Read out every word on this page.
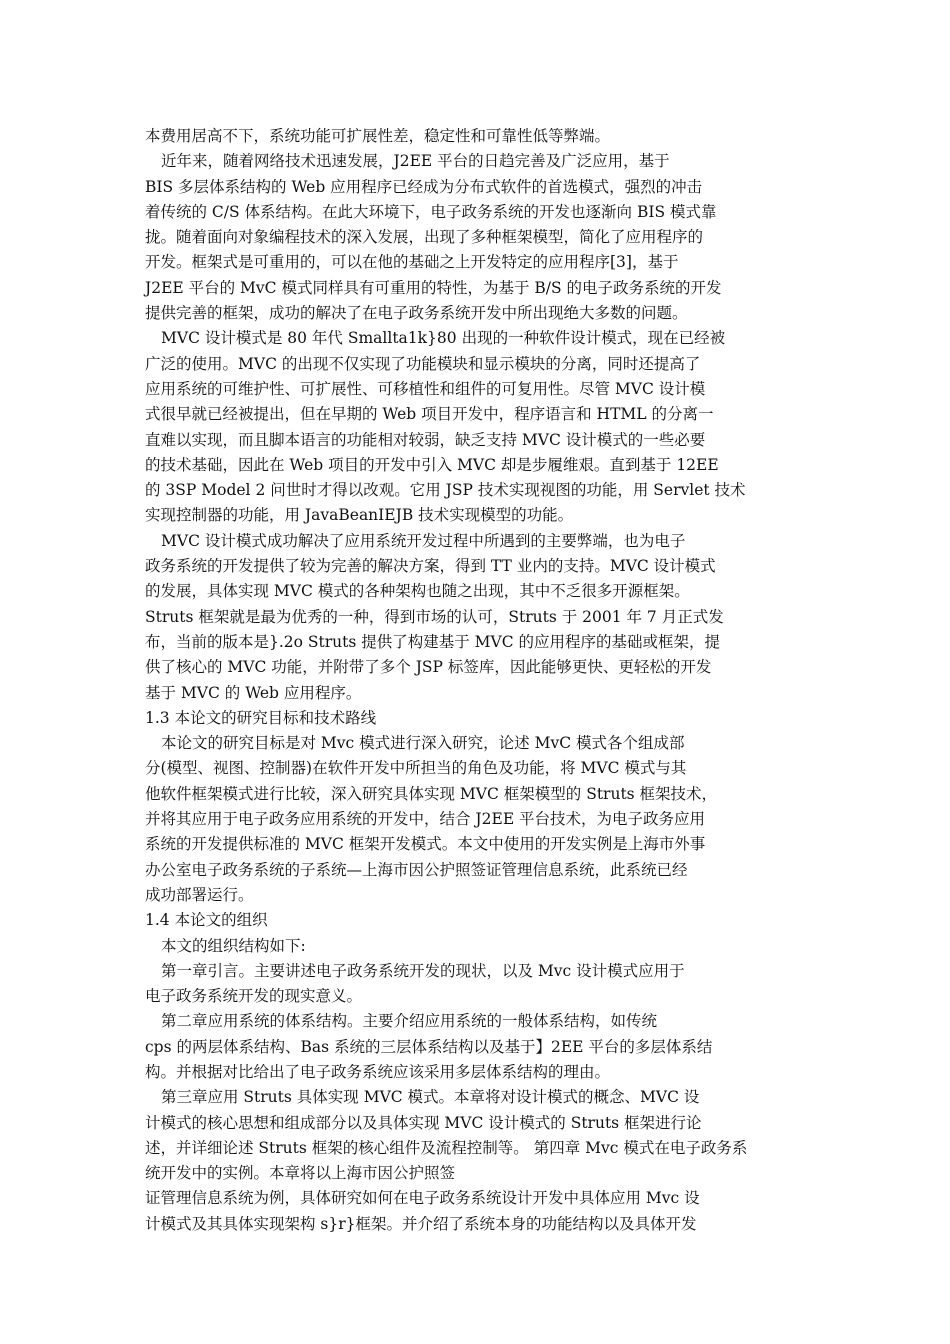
本费用居高不下，系统功能可扩展性差，稳定性和可靠性低等弊端。
近年来，随着网络技术迅速发展，J2EE 平台的日趋完善及广泛应用，基于
BIS 多层体系结构的 Web 应用程序已经成为分布式软件的首选模式，强烈的冲击
着传统的 C/S 体系结构。在此大环境下，电子政务系统的开发也逐渐向 BIS 模式靠
拢。随着面向对象编程技术的深入发展，出现了多种框架模型，简化了应用程序的
开发。框架式是可重用的，可以在他的基础之上开发特定的应用程序[3]，基于
J2EE 平台的 MvC 模式同样具有可重用的特性，为基于 B/S 的电子政务系统的开发
提供完善的框架，成功的解决了在电子政务系统开发中所出现绝大多数的问题。
MVC 设计模式是 80 年代 Smallta1k}80 出现的一种软件设计模式，现在已经被
广泛的使用。MVC 的出现不仅实现了功能模块和显示模块的分离，同时还提高了
应用系统的可维护性、可扩展性、可移植性和组件的可复用性。尽管 MVC 设计模
式很早就已经被提出，但在早期的 Web 项目开发中，程序语言和 HTML 的分离一
直难以实现，而且脚本语言的功能相对较弱，缺乏支持 MVC 设计模式的一些必要
的技术基础，因此在 Web 项目的开发中引入 MVC 却是步履维艰。直到基于 12EE
的 3SP Model 2 问世时才得以改观。它用 JSP 技术实现视图的功能，用 Servlet 技术
实现控制器的功能，用 JavaBeanIEJB 技术实现模型的功能。
MVC 设计模式成功解决了应用系统开发过程中所遇到的主要弊端，也为电子
政务系统的开发提供了较为完善的解决方案，得到 TT 业内的支持。MVC 设计模式
的发展，具体实现 MVC 模式的各种架构也随之出现，其中不乏很多开源框架。
Struts 框架就是最为优秀的一种，得到市场的认可，Struts 于 2001 年 7 月正式发
布，当前的版本是}.2o Struts 提供了构建基于 MVC 的应用程序的基础或框架，提
供了核心的 MVC 功能，并附带了多个 JSP 标签库，因此能够更快、更轻松的开发
基于 MVC 的 Web 应用程序。
1.3 本论文的研究目标和技术路线
本论文的研究目标是对 Mvc 模式进行深入研究，论述 MvC 模式各个组成部
分(模型、视图、控制器)在软件开发中所担当的角色及功能，将 MVC 模式与其
他软件框架模式进行比较，深入研究具体实现 MVC 框架模型的 Struts 框架技术，
并将其应用于电子政务应用系统的开发中，结合 J2EE 平台技术，为电子政务应用
系统的开发提供标准的 MVC 框架开发模式。本文中使用的开发实例是上海市外事
办公室电子政务系统的子系统—上海市因公护照签证管理信息系统，此系统已经
成功部署运行。
1.4 本论文的组织
本文的组织结构如下:
第一章引言。主要讲述电子政务系统开发的现状，以及 Mvc 设计模式应用于
电子政务系统开发的现实意义。
第二章应用系统的体系结构。主要介绍应用系统的一般体系结构，如传统
cps 的两层体系结构、Bas 系统的三层体系结构以及基于】2EE 平台的多层体系结
构。并根据对比给出了电子政务系统应该采用多层体系结构的理由。
第三章应用 Struts 具体实现 MVC 模式。本章将对设计模式的概念、MVC 设
计模式的核心思想和组成部分以及具体实现 MVC 设计模式的 Struts 框架进行论
述，并详细论述 Struts 框架的核心组件及流程控制等。 第四章 Mvc 模式在电子政务系
统开发中的实例。本章将以上海市因公护照签
证管理信息系统为例，具体研究如何在电子政务系统设计开发中具体应用 Mvc 设
计模式及其具体实现架构 s}r}框架。并介绍了系统本身的功能结构以及具体开发
